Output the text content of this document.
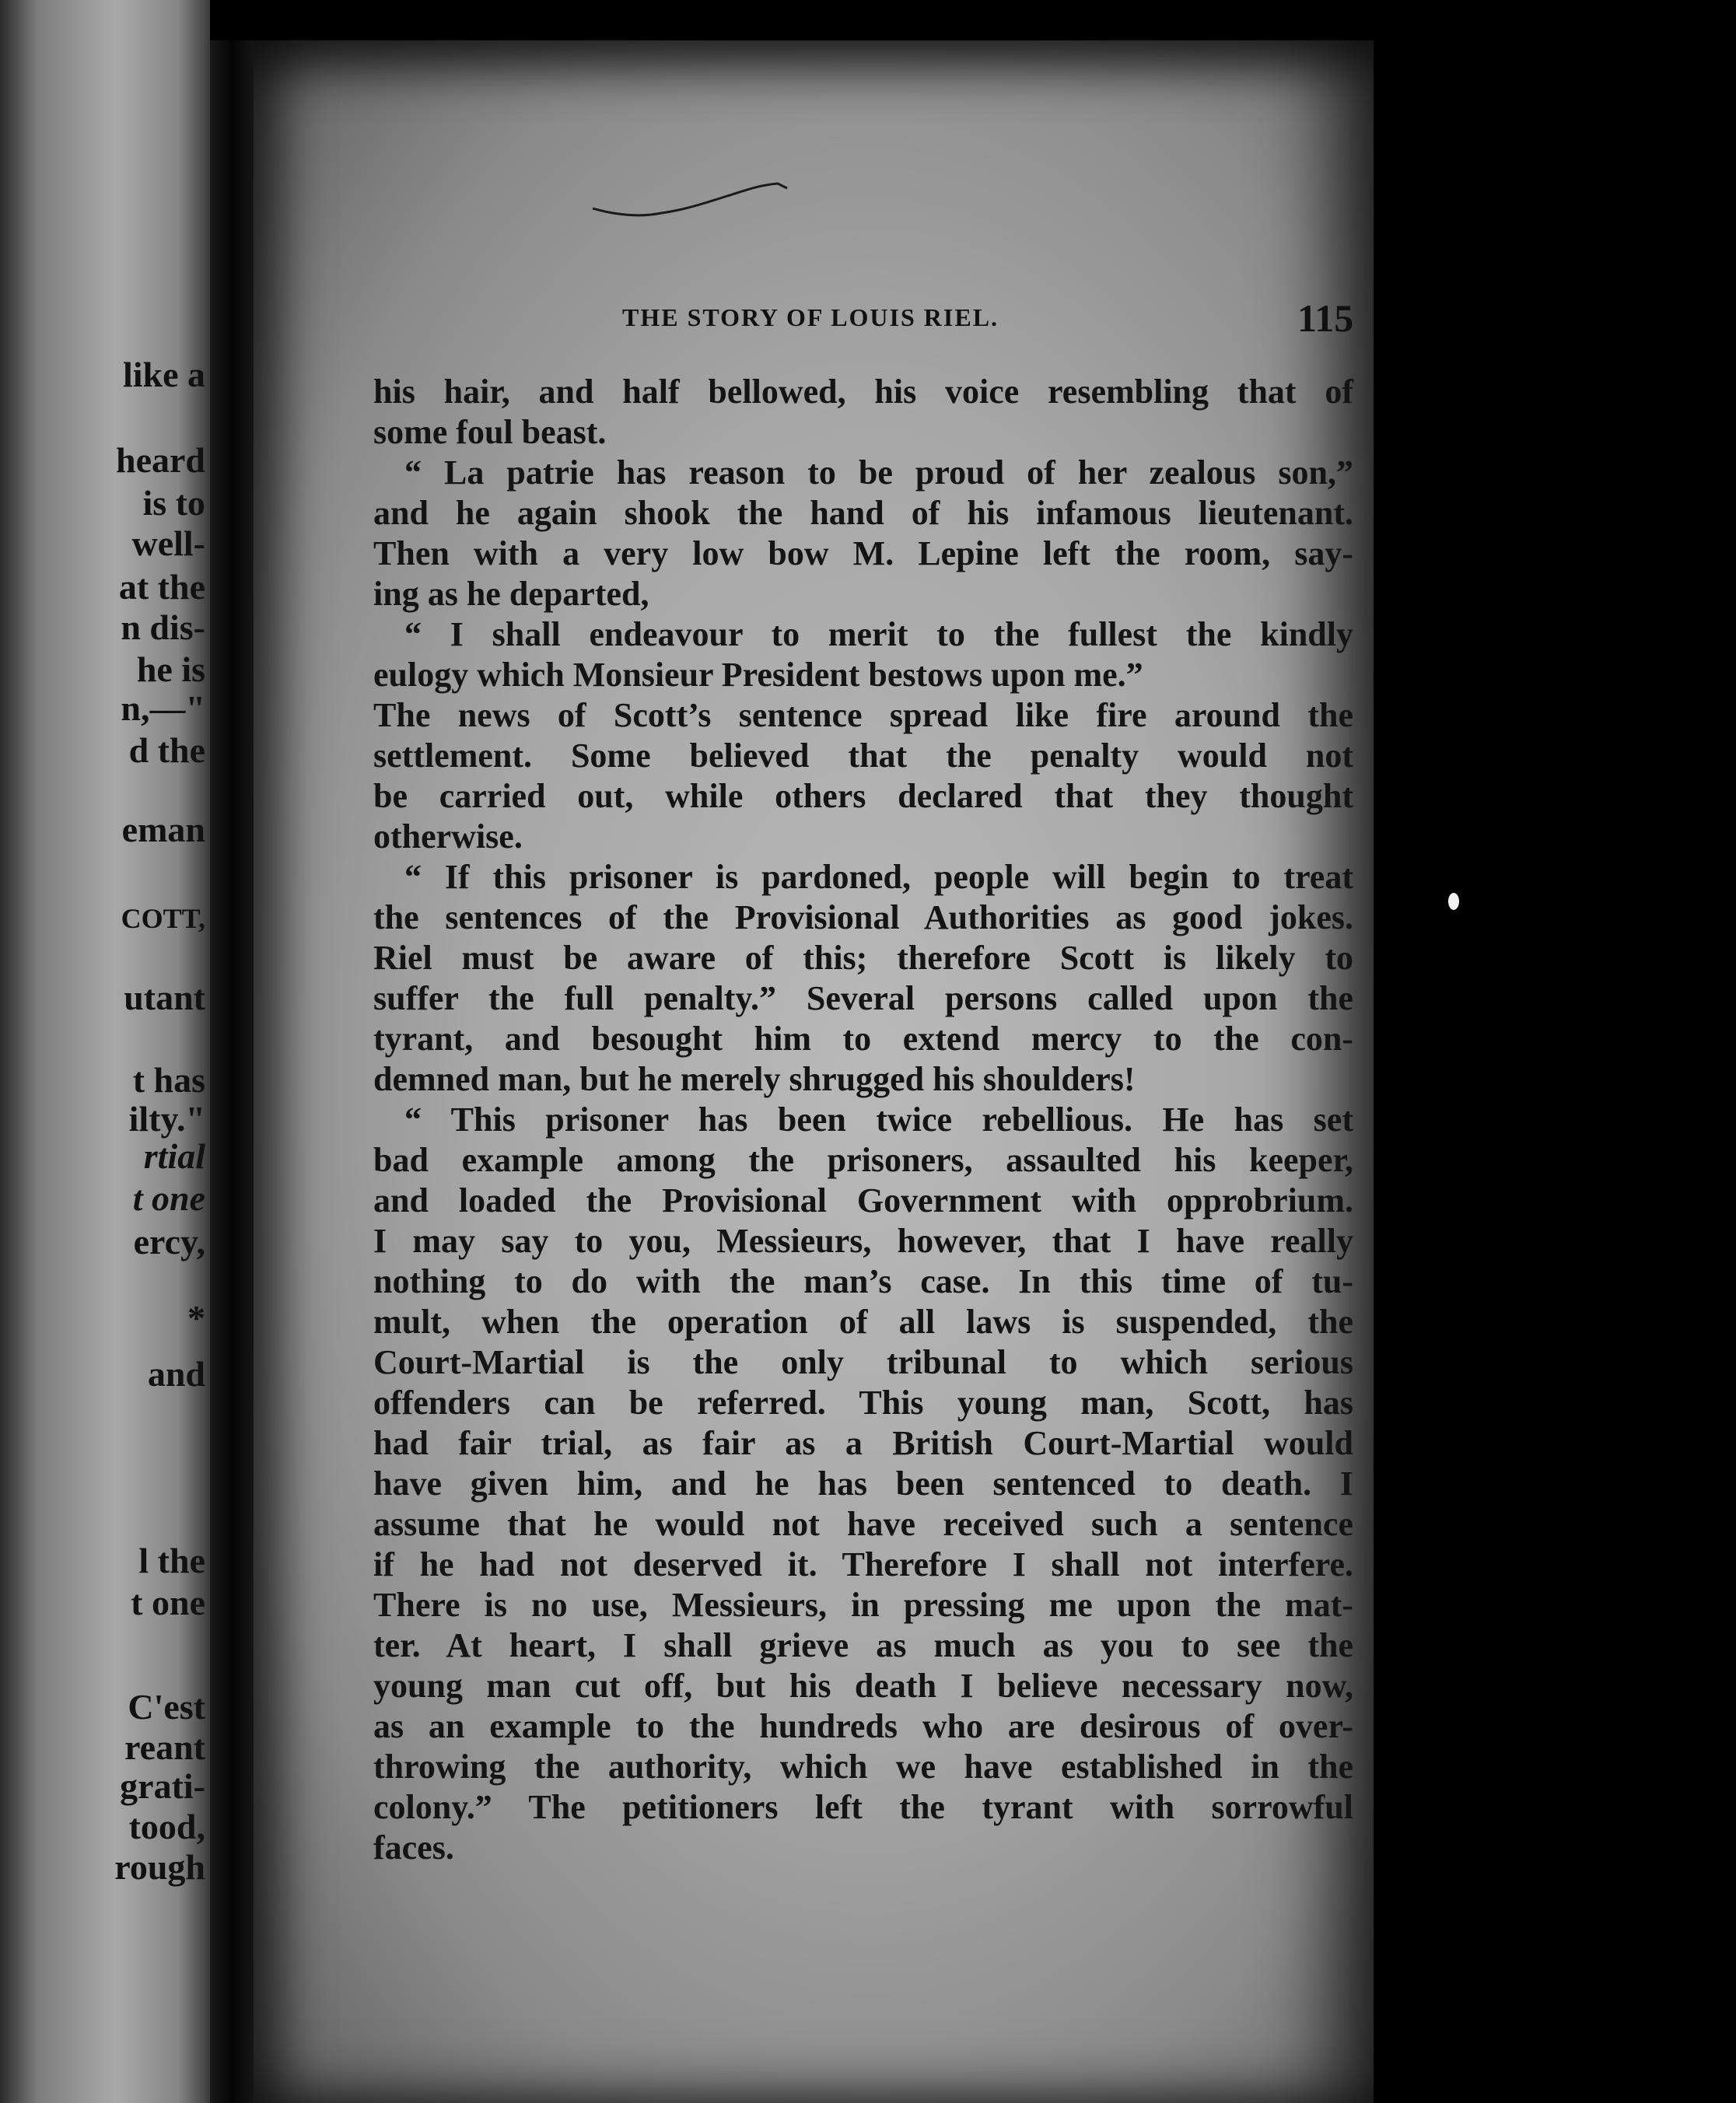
like a
heard
is to
well-
at the
n dis-
he is
n,—"
d the
eman
COTT,
utant
t has
ilty."
rtial
t one
ercy,
*
and
l the
t one
C'est
reant
grati-
tood,
rough
THE STORY OF LOUIS RIEL.	115
his hair, and half bellowed, his voice resembling that of
some foul beast.
“ La patrie has reason to be proud of her zealous son,”
and he again shook the hand of his infamous lieutenant.
Then with a very low bow M. Lepine left the room, say-
ing as he departed,
“ I shall endeavour to merit to the fullest the kindly
eulogy which Monsieur President bestows upon me.”
The news of Scott’s sentence spread like fire around the
settlement. Some believed that the penalty would not
be carried out, while others declared that they thought
otherwise.
“ If this prisoner is pardoned, people will begin to treat
the sentences of the Provisional Authorities as good jokes.
Riel must be aware of this; therefore Scott is likely to
suffer the full penalty.” Several persons called upon the
tyrant, and besought him to extend mercy to the con-
demned man, but he merely shrugged his shoulders!
“ This prisoner has been twice rebellious. He has set
bad example among the prisoners, assaulted his keeper,
and loaded the Provisional Government with opprobrium.
I may say to you, Messieurs, however, that I have really
nothing to do with the man’s case. In this time of tu-
mult, when the operation of all laws is suspended, the
Court-Martial is the only tribunal to which serious
offenders can be referred. This young man, Scott, has
had fair trial, as fair as a British Court-Martial would
have given him, and he has been sentenced to death. I
assume that he would not have received such a sentence
if he had not deserved it. Therefore I shall not interfere.
There is no use, Messieurs, in pressing me upon the mat-
ter. At heart, I shall grieve as much as you to see the
young man cut off, but his death I believe necessary now,
as an example to the hundreds who are desirous of over-
throwing the authority, which we have established in the
colony.” The petitioners left the tyrant with sorrowful
faces.
